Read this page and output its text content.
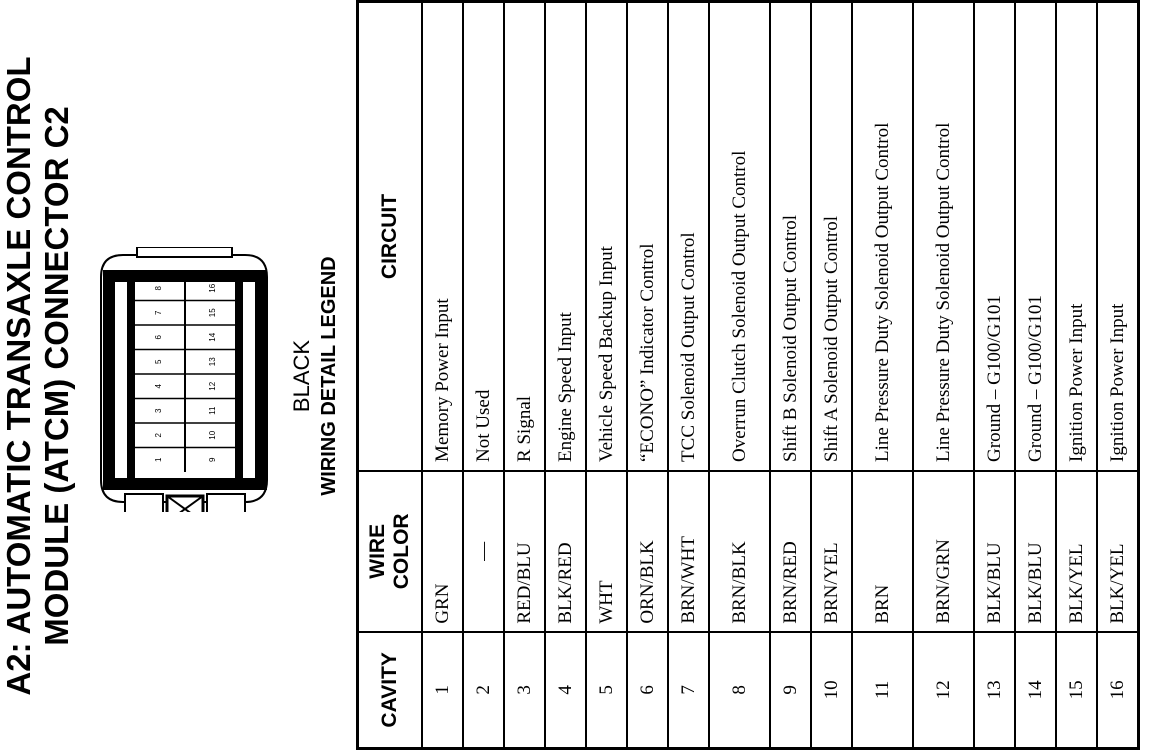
A2: AUTOMATIC TRANSAXLE CONTROL MODULE (ATCM) CONNECTOR C2	1
2
3
4
5
6
7
8
9
10
11
12
13
14
15
16
BLACK WIRING DETAIL LEGEND
CAVITY	WIRE COLOR	CIRCUIT
1	GRN	Memory Power Input
2	—	Not Used
3	RED/BLU	R Signal
4	BLK/RED	Engine Speed Input
5	WHT	Vehicle Speed Backup Input
6	ORN/BLK	“ECONO” Indicator Control
7	BRN/WHT	TCC Solenoid Output Control
8	BRN/BLK	Overrun Clutch Solenoid Output Control
9	BRN/RED	Shift B Solenoid Output Control
10	BRN/YEL	Shift A Solenoid Output Control
11	BRN	Line Pressure Duty Solenoid Output Control
12	BRN/GRN	Line Pressure Duty Solenoid Output Control
13	BLK/BLU	Ground – G100/G101
14	BLK/BLU	Ground – G100/G101
15	BLK/YEL	Ignition Power Input
16	BLK/YEL	Ignition Power Input
